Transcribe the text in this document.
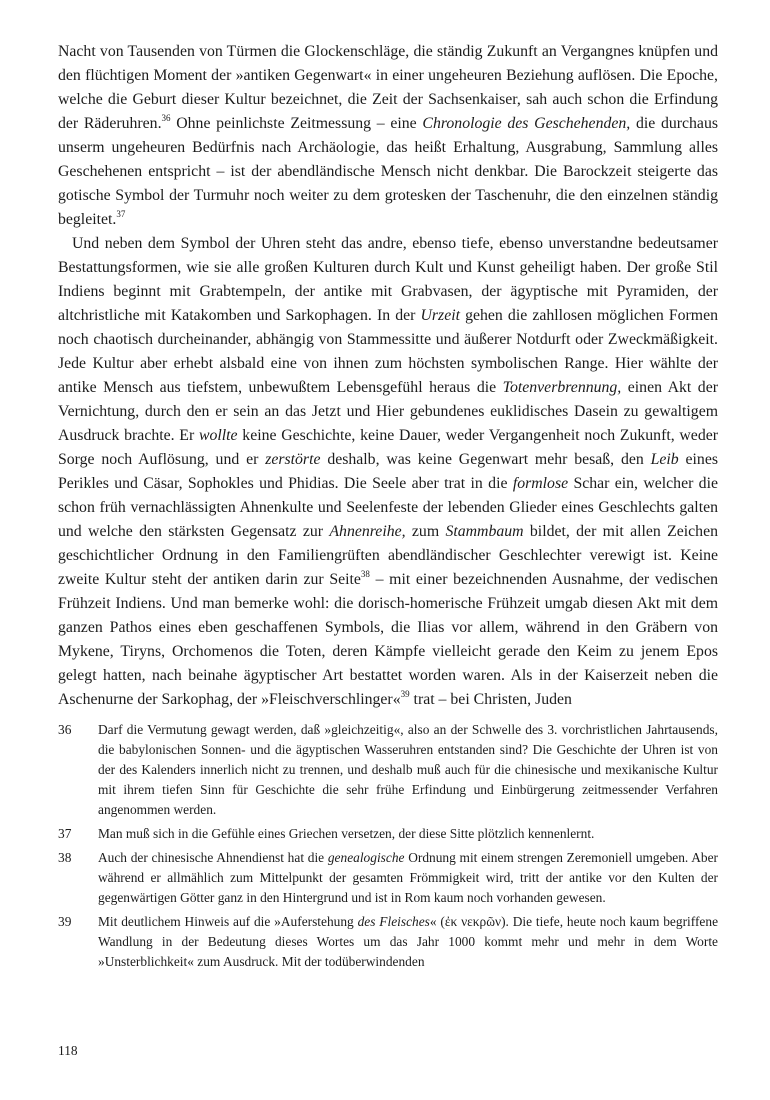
Nacht von Tausenden von Türmen die Glockenschläge, die ständig Zukunft an Vergangnes knüpfen und den flüchtigen Moment der »antiken Gegenwart« in einer ungeheuren Beziehung auflösen. Die Epoche, welche die Geburt dieser Kultur bezeichnet, die Zeit der Sachsenkaiser, sah auch schon die Erfindung der Räderuhren.$^{36}$ Ohne peinlichste Zeitmessung – eine Chronologie des Geschehenden, die durchaus unserm ungeheuren Bedürfnis nach Archäologie, das heißt Erhaltung, Ausgrabung, Sammlung alles Geschehenen entspricht – ist der abendländische Mensch nicht denkbar. Die Barockzeit steigerte das gotische Symbol der Turmuhr noch weiter zu dem grotesken der Taschenuhr, die den einzelnen ständig begleitet.$^{37}$

Und neben dem Symbol der Uhren steht das andre, ebenso tiefe, ebenso unverstandne bedeutsamer Bestattungsformen, wie sie alle großen Kulturen durch Kult und Kunst geheiligt haben. Der große Stil Indiens beginnt mit Grabtempeln, der antike mit Grabvasen, der ägyptische mit Pyramiden, der altchristliche mit Katakomben und Sarkophagen. In der Urzeit gehen die zahllosen möglichen Formen noch chaotisch durcheinander, abhängig von Stammessitte und äußerer Notdurft oder Zweckmäßigkeit. Jede Kultur aber erhebt alsbald eine von ihnen zum höchsten symbolischen Range. Hier wählte der antike Mensch aus tiefstem, unbewußtem Lebensgefühl heraus die Totenverbrennung, einen Akt der Vernichtung, durch den er sein an das Jetzt und Hier gebundenes euklidisches Dasein zu gewaltigem Ausdruck brachte. Er wollte keine Geschichte, keine Dauer, weder Vergangenheit noch Zukunft, weder Sorge noch Auflösung, und er zerstörte deshalb, was keine Gegenwart mehr besaß, den Leib eines Perikles und Cäsar, Sophokles und Phidias. Die Seele aber trat in die formlose Schar ein, welcher die schon früh vernachlässigten Ahnenkulte und Seelenfeste der lebenden Glieder eines Geschlechts galten und welche den stärksten Gegensatz zur Ahnenreihe, zum Stammbaum bildet, der mit allen Zeichen geschichtlicher Ordnung in den Familiengrüften abendländischer Geschlechter verewigt ist. Keine zweite Kultur steht der antiken darin zur Seite$^{38}$ – mit einer bezeichnenden Ausnahme, der vedischen Frühzeit Indiens. Und man bemerke wohl: die dorisch-homerische Frühzeit umgab diesen Akt mit dem ganzen Pathos eines eben geschaffenen Symbols, die Ilias vor allem, während in den Gräbern von Mykene, Tiryns, Orchomenos die Toten, deren Kämpfe vielleicht gerade den Keim zu jenem Epos gelegt hatten, nach beinahe ägyptischer Art bestattet worden waren. Als in der Kaiserzeit neben die Aschenurne der Sarkophag, der »Fleischverschlinger«$^{39}$ trat – bei Christen, Juden

36	Darf die Vermutung gewagt werden, daß »gleichzeitig«, also an der Schwelle des 3. vorchristlichen Jahrtausends, die babylonischen Sonnen- und die ägyptischen Wasseruhren entstanden sind? Die Geschichte der Uhren ist von der des Kalenders innerlich nicht zu trennen, und deshalb muß auch für die chinesische und mexikanische Kultur mit ihrem tiefen Sinn für Geschichte die sehr frühe Erfindung und Einbürgerung zeitmessender Verfahren angenommen werden.
37	Man muß sich in die Gefühle eines Griechen versetzen, der diese Sitte plötzlich kennenlernt.
38	Auch der chinesische Ahnendienst hat die genealogische Ordnung mit einem strengen Zeremoniell umgeben. Aber während er allmählich zum Mittelpunkt der gesamten Frömmigkeit wird, tritt der antike vor den Kulten der gegenwärtigen Götter ganz in den Hintergrund und ist in Rom kaum noch vorhanden gewesen.
39	Mit deutlichem Hinweis auf die »Auferstehung des Fleisches« (ἐκ νεκρῶν). Die tiefe, heute noch kaum begriffene Wandlung in der Bedeutung dieses Wortes um das Jahr 1000 kommt mehr und mehr in dem Worte »Unsterblichkeit« zum Ausdruck. Mit der todüberwindenden
118
